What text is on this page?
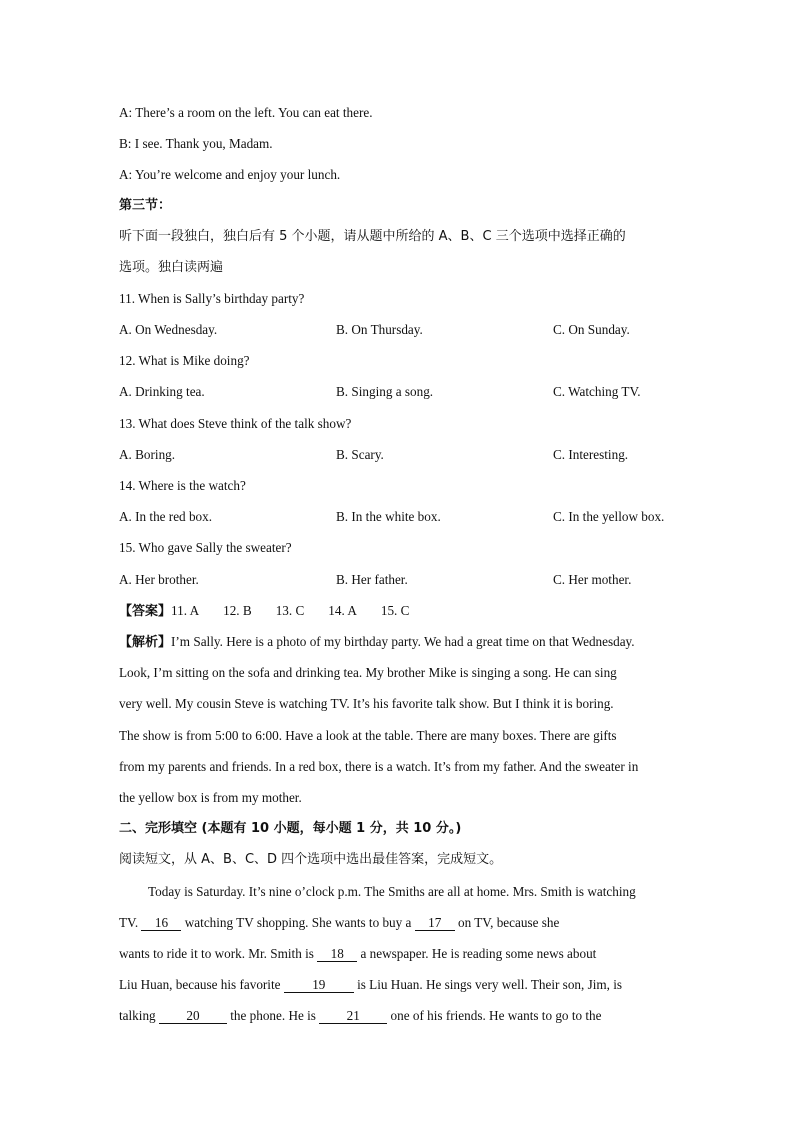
A: There’s a room on the left. You can eat there.
B: I see. Thank you, Madam.
A: You’re welcome and enjoy your lunch.
第三节：
听下面一段独白，独白后有 5 个小题，请从题中所给的 A、B、C 三个选项中选择正确的
选项。独白读两遍
11. When is Sally’s birthday party?
A. On Wednesday.	B. On Thursday.	C. On Sunday.
12. What is Mike doing?
A. Drinking tea.	B. Singing a song.	C. Watching TV.
13. What does Steve think of the talk show?
A. Boring.	B. Scary.	C. Interesting.
14. Where is the watch?
A. In the red box.	B. In the white box.	C. In the yellow box.
15. Who gave Sally the sweater?
A. Her brother.	B. Her father.	C. Her mother.
【答案】11. A 12. B 13. C 14. A 15. C
【解析】I’m Sally. Here is a photo of my birthday party. We had a great time on that Wednesday.
Look, I’m sitting on the sofa and drinking tea. My brother Mike is singing a song. He can sing
very well. My cousin Steve is watching TV. It’s his favorite talk show. But I think it is boring.
The show is from 5:00 to 6:00. Have a look at the table. There are many boxes. There are gifts
from my parents and friends. In a red box, there is a watch. It’s from my father. And the sweater in
the yellow box is from my mother.
二、完形填空 (本题有 10 小题，每小题 1 分，共 10 分。)
阅读短文，从 A、B、C、D 四个选项中选出最佳答案，完成短文。
Today is Saturday. It’s nine o’clock p.m. The Smiths are all at home. Mrs. Smith is watching
TV. 16 watching TV shopping. She wants to buy a 17 on TV, because she
wants to ride it to work. Mr. Smith is 18 a newspaper. He is reading some news about
Liu Huan, because his favorite 19 is Liu Huan. He sings very well. Their son, Jim, is
talking 20 the phone. He is 21 one of his friends. He wants to go to the
